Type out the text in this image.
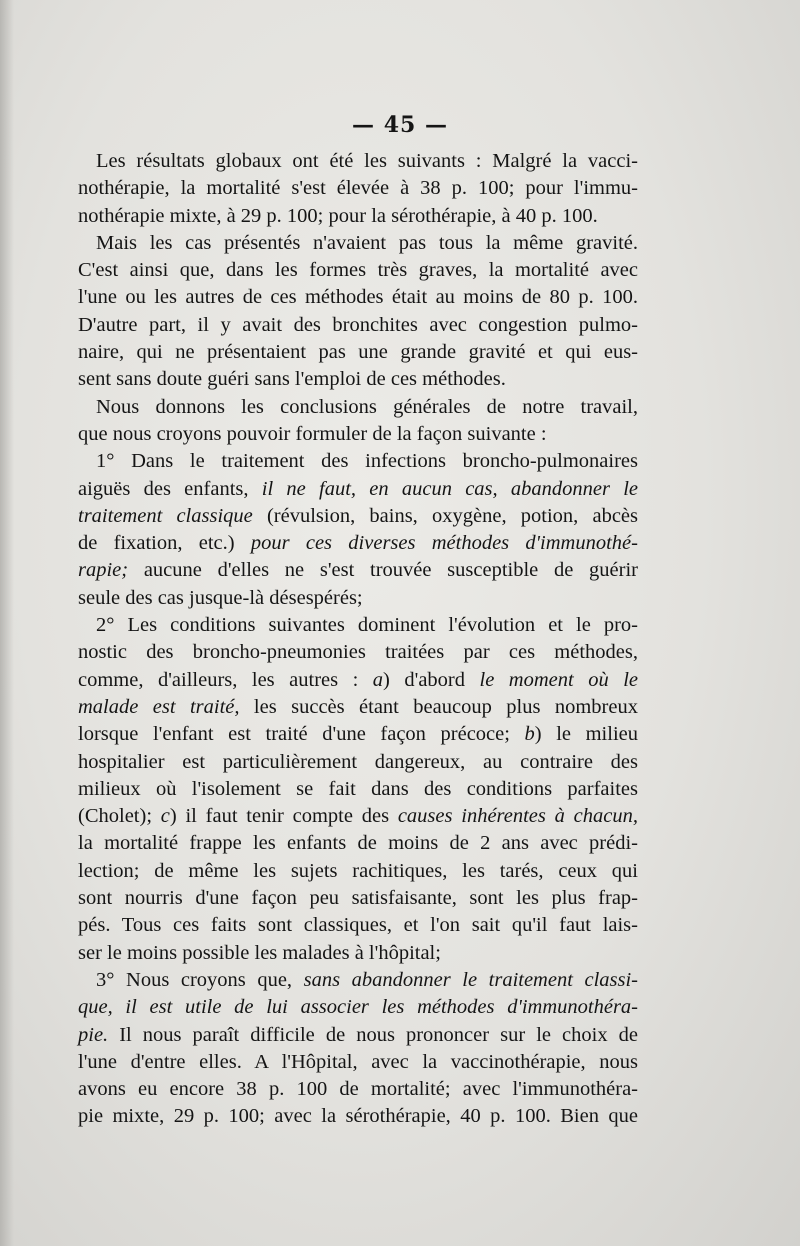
— 45 —
Les résultats globaux ont été les suivants : Malgré la vacci-
nothérapie, la mortalité s'est élevée à 38 p. 100; pour l'immu-
nothérapie mixte, à 29 p. 100; pour la sérothérapie, à 40 p. 100.
Mais les cas présentés n'avaient pas tous la même gravité.
C'est ainsi que, dans les formes très graves, la mortalité avec
l'une ou les autres de ces méthodes était au moins de 80 p. 100.
D'autre part, il y avait des bronchites avec congestion pulmo-
naire, qui ne présentaient pas une grande gravité et qui eus-
sent sans doute guéri sans l'emploi de ces méthodes.
Nous donnons les conclusions générales de notre travail,
que nous croyons pouvoir formuler de la façon suivante :
1° Dans le traitement des infections broncho-pulmonaires
aiguës des enfants, il ne faut, en aucun cas, abandonner le
traitement classique (révulsion, bains, oxygène, potion, abcès
de fixation, etc.) pour ces diverses méthodes d'immunothé-
rapie; aucune d'elles ne s'est trouvée susceptible de guérir
seule des cas jusque-là désespérés;
2° Les conditions suivantes dominent l'évolution et le pro-
nostic des broncho-pneumonies traitées par ces méthodes,
comme, d'ailleurs, les autres : a) d'abord le moment où le
malade est traité, les succès étant beaucoup plus nombreux
lorsque l'enfant est traité d'une façon précoce; b) le milieu
hospitalier est particulièrement dangereux, au contraire des
milieux où l'isolement se fait dans des conditions parfaites
(Cholet); c) il faut tenir compte des causes inhérentes à chacun,
la mortalité frappe les enfants de moins de 2 ans avec prédi-
lection; de même les sujets rachitiques, les tarés, ceux qui
sont nourris d'une façon peu satisfaisante, sont les plus frap-
pés. Tous ces faits sont classiques, et l'on sait qu'il faut lais-
ser le moins possible les malades à l'hôpital;
3° Nous croyons que, sans abandonner le traitement classi-
que, il est utile de lui associer les méthodes d'immunothéra-
pie. Il nous paraît difficile de nous prononcer sur le choix de
l'une d'entre elles. A l'Hôpital, avec la vaccinothérapie, nous
avons eu encore 38 p. 100 de mortalité; avec l'immunothéra-
pie mixte, 29 p. 100; avec la sérothérapie, 40 p. 100. Bien que
